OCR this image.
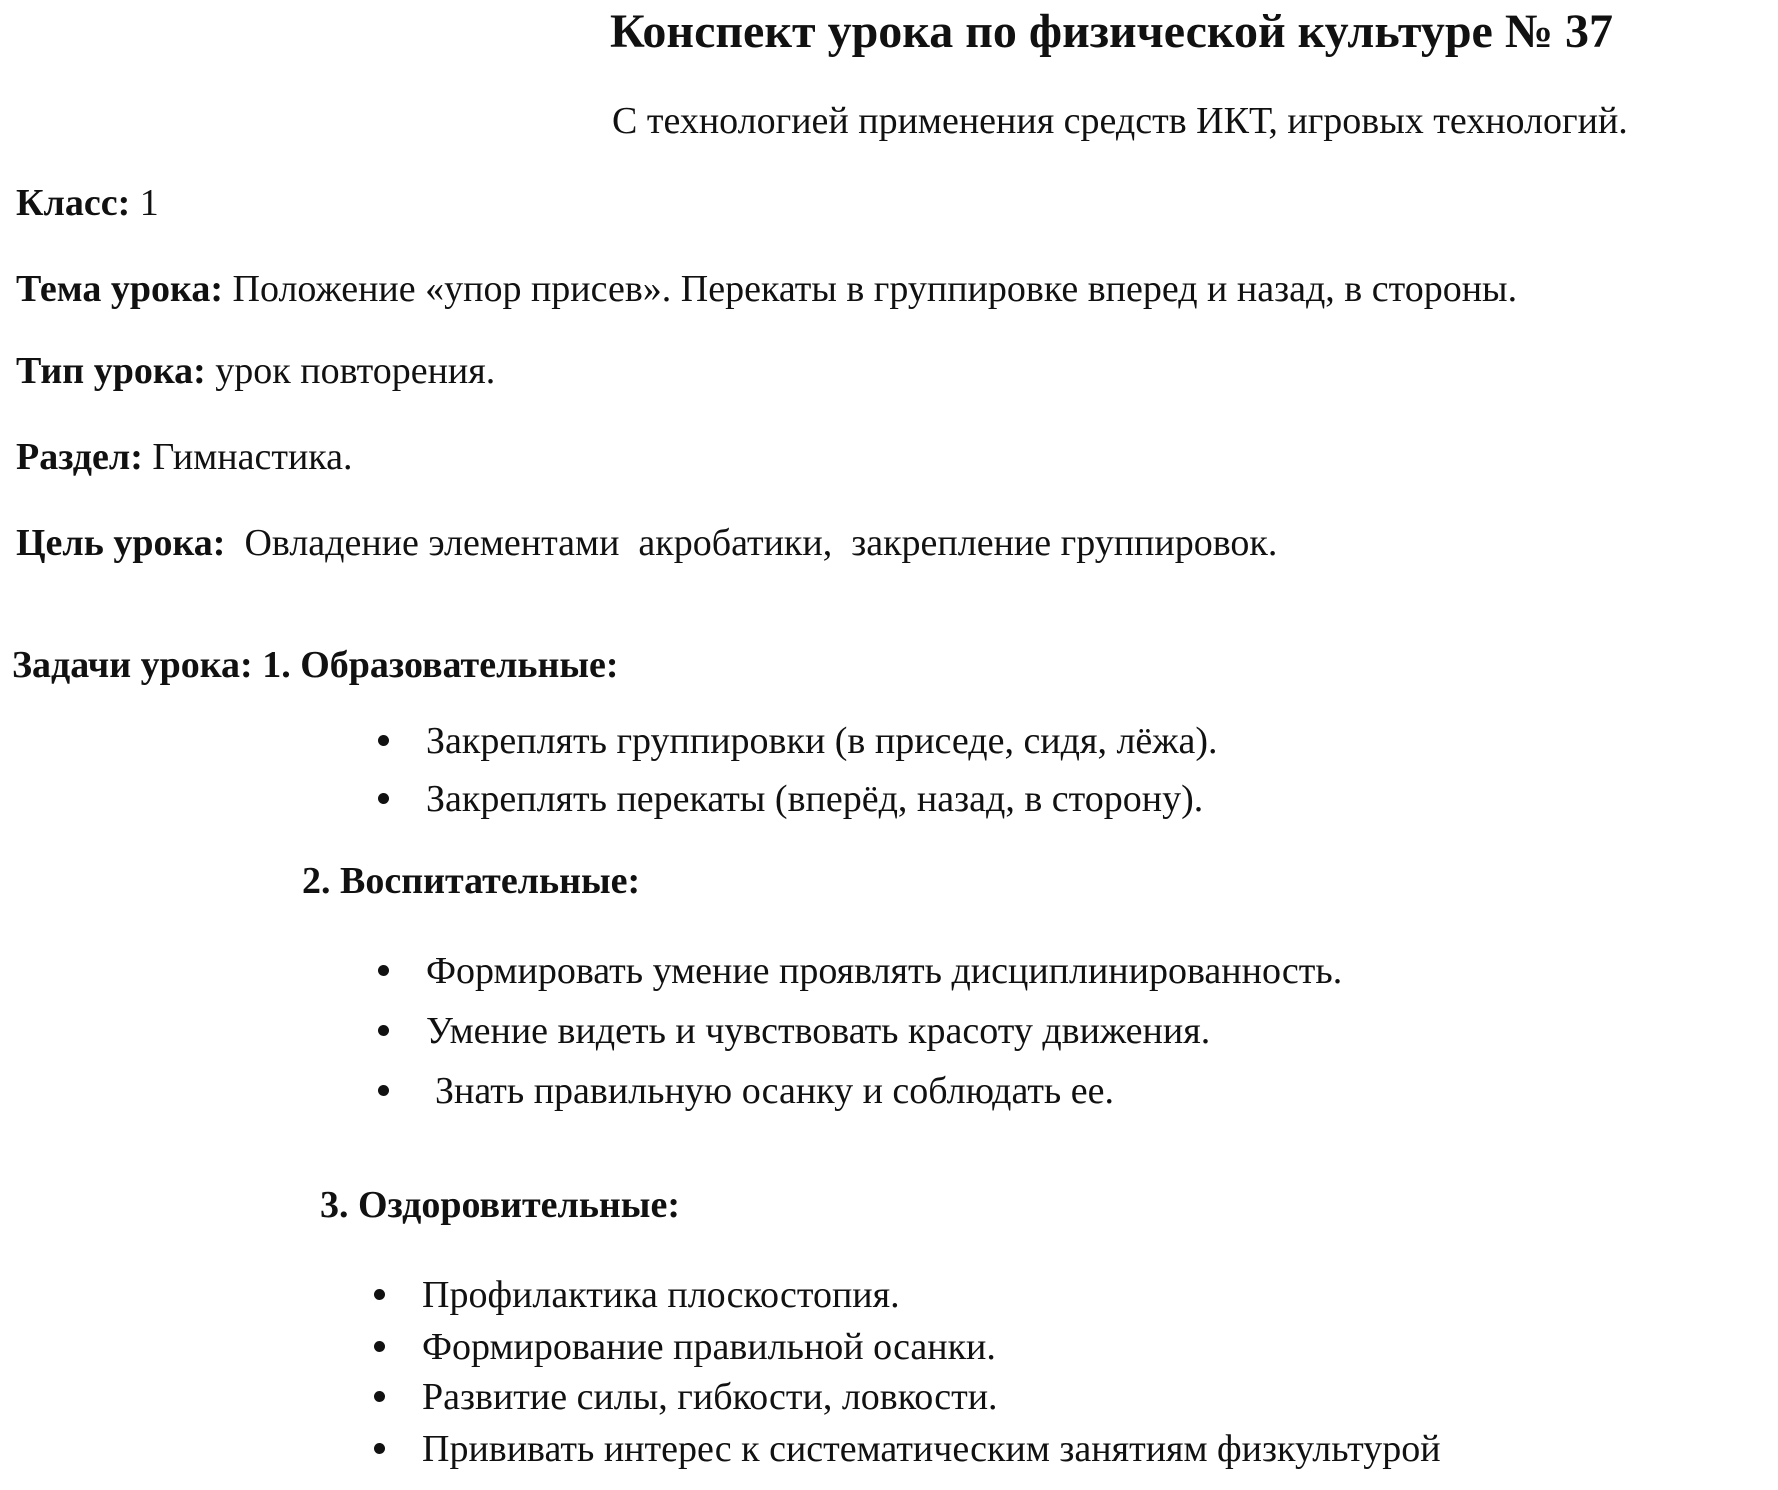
Конспект урока по физической культуре № 37
С технологией применения средств ИКТ, игровых технологий.
Класс: 1
Тема урока: Положение «упор присев». Перекаты в группировке вперед и назад, в стороны.
Тип урока: урок повторения.
Раздел: Гимнастика.
Цель урока: Овладение элементами  акробатики,  закрепление группировок.
Задачи урока: 1. Образовательные:
Закреплять группировки (в приседе, сидя, лёжа).
Закреплять перекаты (вперёд, назад, в сторону).
2. Воспитательные:
Формировать умение проявлять дисциплинированность.
Умение видеть и чувствовать красоту движения.
Знать правильную осанку и соблюдать ее.
3. Оздоровительные:
Профилактика плоскостопия.
Формирование правильной осанки.
Развитие силы, гибкости, ловкости.
Прививать интерес к систематическим занятиям физкультурой
